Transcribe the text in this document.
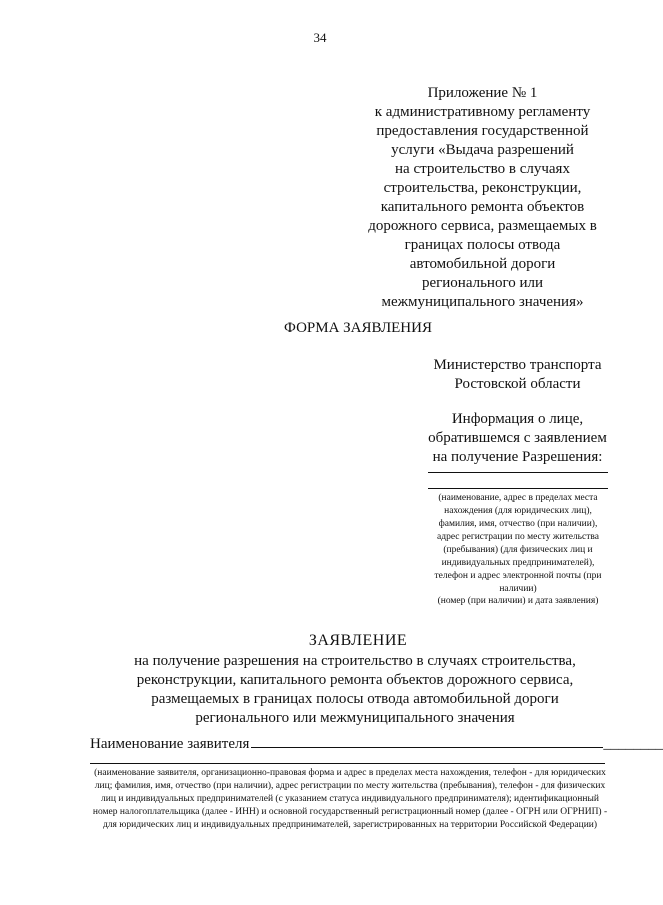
34
Приложение № 1
к административному регламенту
предоставления государственной
услуги «Выдача разрешений
на строительство в случаях
строительства, реконструкции,
капитального ремонта объектов
дорожного сервиса, размещаемых в
границах полосы отвода
автомобильной дороги
регионального или
межмуниципального значения»
ФОРМА ЗАЯВЛЕНИЯ
Министерство транспорта
Ростовской области
Информация о лице,
обратившемся с заявлением
на получение Разрешения:
(наименование, адрес в пределах места нахождения (для юридических лиц), фамилия, имя, отчество (при наличии), адрес регистрации по месту жительства (пребывания) (для физических лиц и индивидуальных предпринимателей), телефон и адрес электронной почты (при наличии)
(номер (при наличии) и дата заявления)
ЗАЯВЛЕНИЕ
на получение разрешения на строительство в случаях строительства,
реконструкции, капитального ремонта объектов дорожного сервиса,
размещаемых в границах полосы отвода автомобильной дороги
регионального или межмуниципального значения
Наименование заявителя	________
(наименование заявителя, организационно-правовая форма и адрес в пределах места нахождения, телефон - для юридических лиц; фамилия, имя, отчество (при наличии), адрес регистрации по месту жительства (пребывания), телефон - для физических лиц и индивидуальных предпринимателей (с указанием статуса индивидуального предпринимателя); идентификационный номер налогоплательщика (далее - ИНН) и основной государственный регистрационный номер (далее - ОГРН или ОГРНИП) - для юридических лиц и индивидуальных предпринимателей, зарегистрированных на территории Российской Федерации)
